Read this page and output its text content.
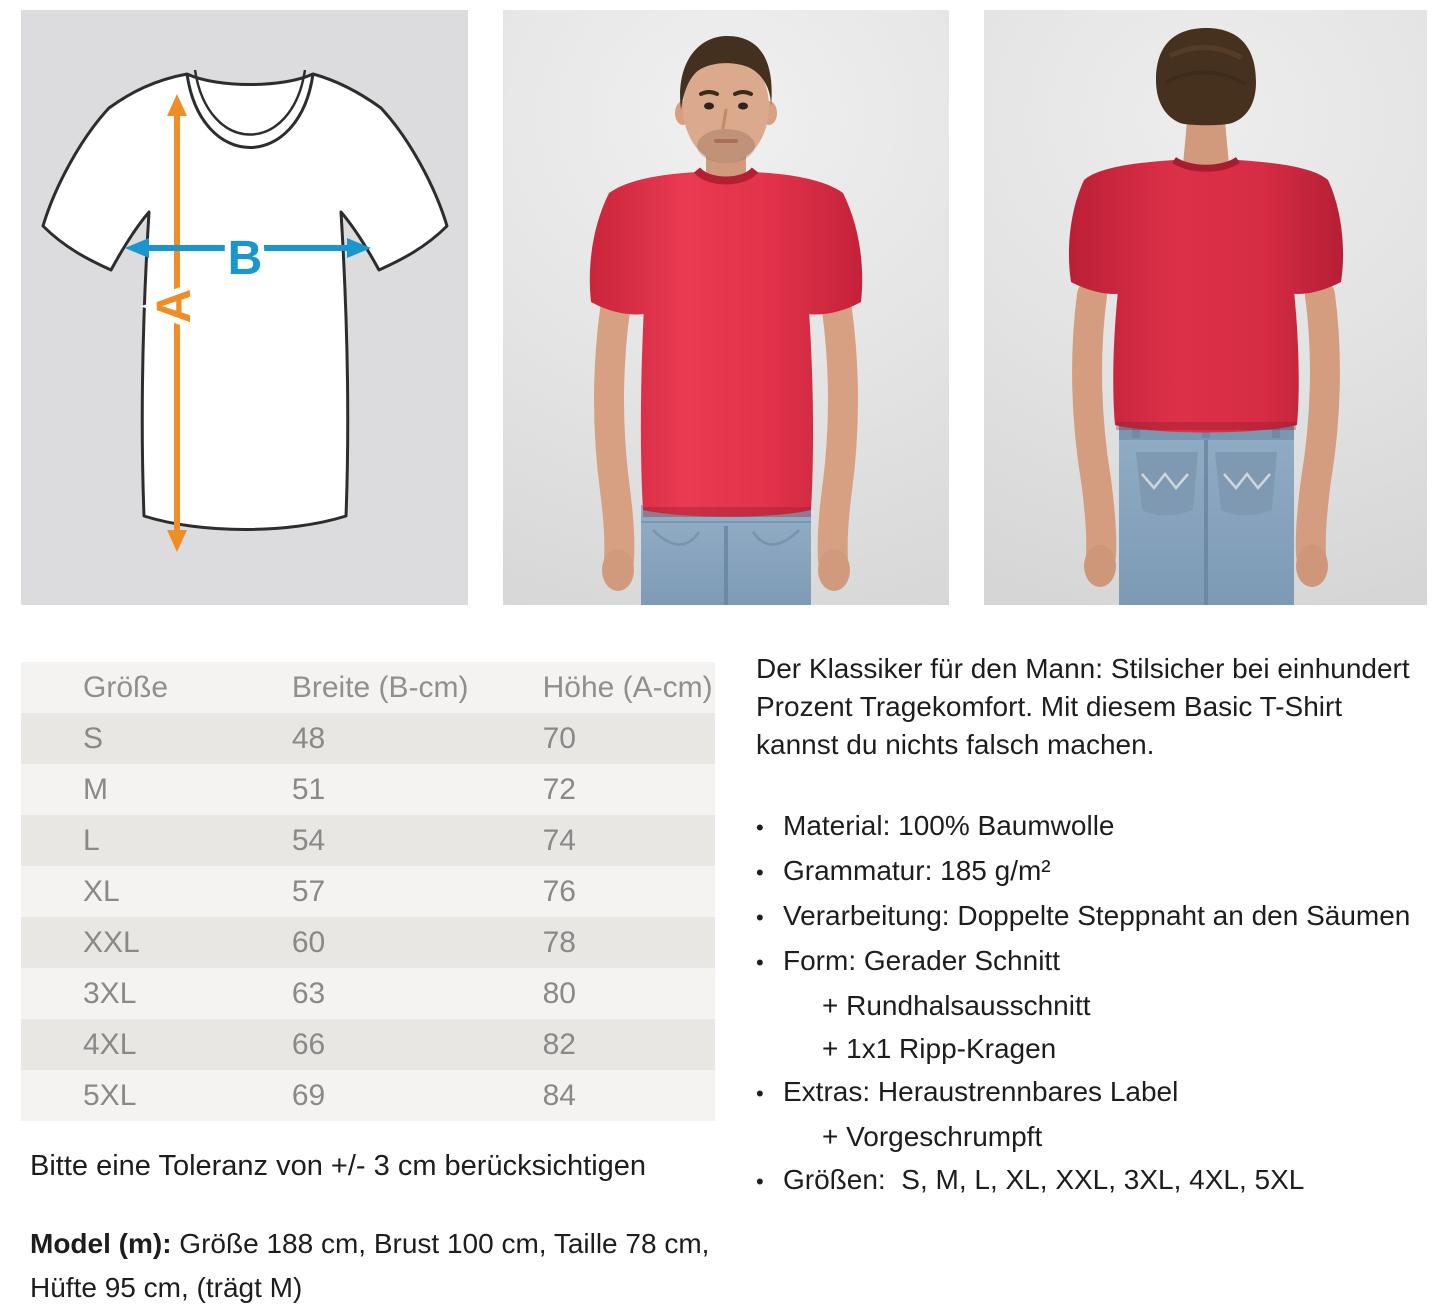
A
B
Größe	Breite (B-cm)	Höhe (A-cm)
S	48	70
M	51	72
L	54	74
XL	57	76
XXL	60	78
3XL	63	80
4XL	66	82
5XL	69	84

Bitte eine Toleranz von +/- 3 cm berücksichtigen

Model (m): Größe 188 cm, Brust 100 cm, Taille 78 cm, Hüfte 95 cm, (trägt M)

Der Klassiker für den Mann: Stilsicher bei einhundert
Prozent Tragekomfort. Mit diesem Basic T-Shirt
kannst du nichts falsch machen.

• Material: 100% Baumwolle
• Grammatur: 185 g/m²
• Verarbeitung: Doppelte Steppnaht an den Säumen
• Form: Gerader Schnitt
+ Rundhalsausschnitt
+ 1x1 Ripp-Kragen
• Extras: Heraustrennbares Label
+ Vorgeschrumpft
• Größen:  S, M, L, XL, XXL, 3XL, 4XL, 5XL
